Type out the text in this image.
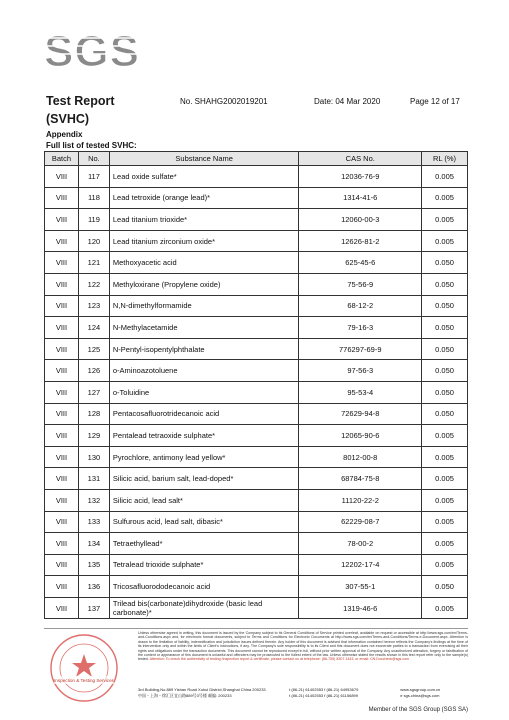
SGS
Test Report	No. SHAHG2002019201	Date: 04 Mar 2020	Page 12 of 17
(SVHC)
Appendix
Full list of tested SVHC:
Batch	No.	Substance Name	CAS No.	RL (%)
VIII	117	Lead oxide sulfate*	12036-76-9	0.005
VIII	118	Lead tetroxide (orange lead)*	1314-41-6	0.005
VIII	119	Lead titanium trioxide*	12060-00-3	0.005
VIII	120	Lead titanium zirconium oxide*	12626-81-2	0.005
VIII	121	Methoxyacetic acid	625-45-6	0.050
VIII	122	Methyloxirane (Propylene oxide)	75-56-9	0.050
VIII	123	N,N-dimethylformamide	68-12-2	0.050
VIII	124	N-Methylacetamide	79-16-3	0.050
VIII	125	N-Pentyl-isopentylphthalate	776297-69-9	0.050
VIII	126	o-Aminoazotoluene	97-56-3	0.050
VIII	127	o-Toluidine	95-53-4	0.050
VIII	128	Pentacosafluorotridecanoic acid	72629-94-8	0.050
VIII	129	Pentalead tetraoxide sulphate*	12065-90-6	0.005
VIII	130	Pyrochlore, antimony lead yellow*	8012-00-8	0.005
VIII	131	Silicic acid, barium salt, lead-doped*	68784-75-8	0.005
VIII	132	Silicic acid, lead salt*	11120-22-2	0.005
VIII	133	Sulfurous acid, lead salt, dibasic*	62229-08-7	0.005
VIII	134	Tetraethyllead*	78-00-2	0.005
VIII	135	Tetralead trioxide sulphate*	12202-17-4	0.005
VIII	136	Tricosafluorododecanoic acid	307-55-1	0.050
VIII	137	Trilead bis(carbonate)dihydroxide (basic lead carbonate)*	1319-46-6	0.005
Inspection & Testing Services
Unless otherwise agreed in writing, this document is issued by the Company subject to its General Conditions of Service printed overleaf, available on request or accessible at http://www.sgs.com/en/Terms-and-Conditions.aspx and, for electronic format documents, subject to Terms and Conditions for Electronic Documents at http://www.sgs.com/en/Terms-and-Conditions/Terms-e-Document.aspx. Attention is drawn to the limitation of liability, indemnification and jurisdiction issues defined therein. Any holder of this document is advised that information contained hereon reflects the Company's findings at the time of its intervention only and within the limits of Client's instructions, if any. The Company's sole responsibility is to its Client and this document does not exonerate parties to a transaction from exercising all their rights and obligations under the transaction documents. This document cannot be reproduced except in full, without prior written approval of the Company. Any unauthorized alteration, forgery or falsification of the content or appearance of this document is unlawful and offenders may be prosecuted to the fullest extent of the law. Unless otherwise stated the results shown in this test report refer only to the sample(s) tested. Attention: To check the authenticity of testing /inspection report & certificate, please contact us at telephone: (86-755) 8307 1443, or email: CN.Doccheck@sgs.com
3rd Building,No.889 Yishan Road Xuhui District,Shanghai China 200233	t (86-21) 61402553 f (86-21) 64953679	www.sgsgroup.com.cn
中国・上海・徐汇区宜山路889号3号楼 邮编: 200233	t (86-21) 61402553 f (86-21) 61156899	e sgs.china@sgs.com
Member of the SGS Group (SGS SA)
